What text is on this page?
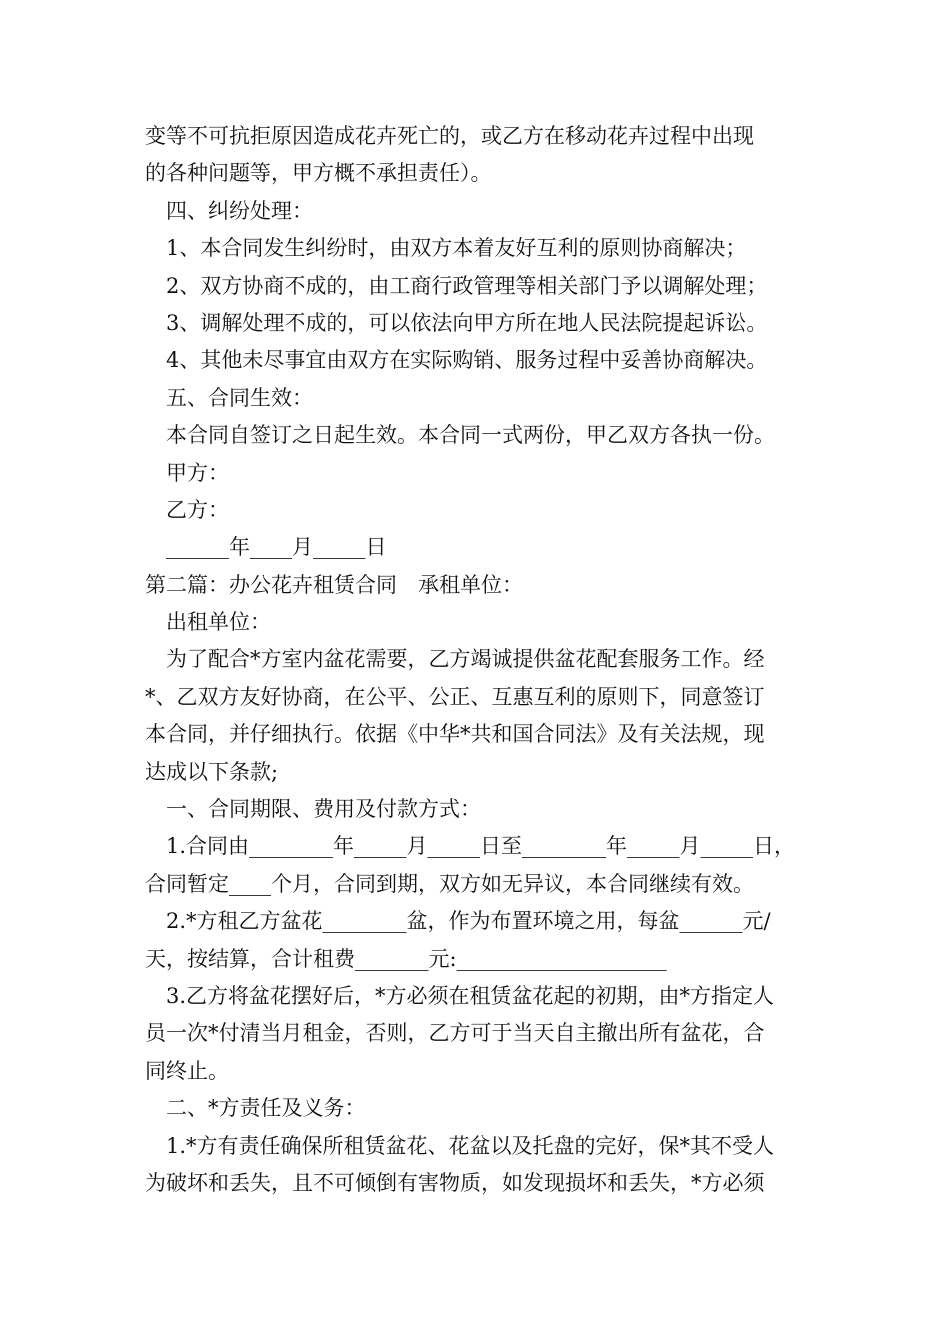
变等不可抗拒原因造成花卉死亡的，或乙方在移动花卉过程中出现
的各种问题等，甲方概不承担责任）。
四、纠纷处理：
1、本合同发生纠纷时，由双方本着友好互利的原则协商解决；
2、双方协商不成的，由工商行政管理等相关部门予以调解处理；
3、调解处理不成的，可以依法向甲方所在地人民法院提起诉讼。
4、其他未尽事宜由双方在实际购销、服务过程中妥善协商解决。
五、合同生效：
本合同自签订之日起生效。本合同一式两份，甲乙双方各执一份。
甲方：
乙方：
______年____月_____日
第二篇：办公花卉租赁合同　承租单位：
出租单位：
为了配合*方室内盆花需要，乙方竭诚提供盆花配套服务工作。经
*、乙双方友好协商，在公平、公正、互惠互利的原则下，同意签订
本合同，并仔细执行。依据《中华*共和国合同法》及有关法规，现
达成以下条款;
一、合同期限、费用及付款方式：
1.合同由________年_____月_____日至________年_____月_____日，
合同暂定____个月，合同到期，双方如无异议，本合同继续有效。
2.*方租乙方盆花________盆，作为布置环境之用，每盆______元/
天，按结算，合计租费_______元:____________________
3.乙方将盆花摆好后，*方必须在租赁盆花起的初期，由*方指定人
员一次*付清当月租金，否则，乙方可于当天自主撤出所有盆花，合
同终止。
二、*方责任及义务：
1.*方有责任确保所租赁盆花、花盆以及托盘的完好，保*其不受人
为破坏和丢失，且不可倾倒有害物质，如发现损坏和丢失，*方必须
